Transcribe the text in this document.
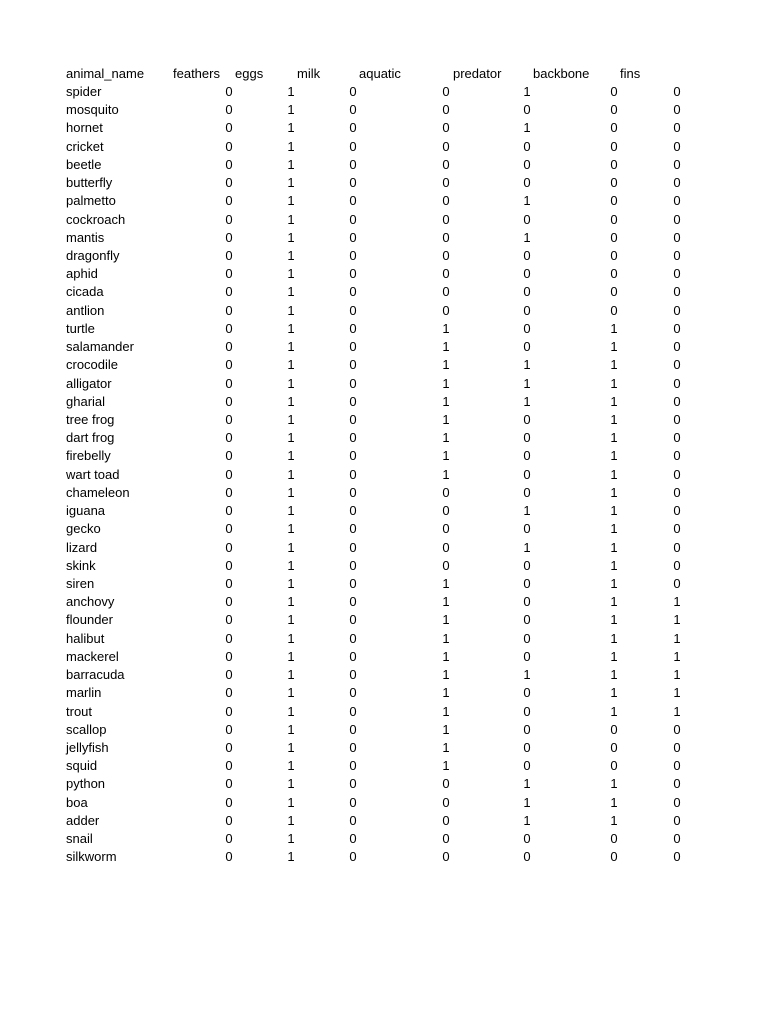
animal_name feathers eggs	milk	aquatic	predator backbone fins
spider	0	1	0	0	1	0	0
mosquito	0	1	0	0	0	0	0
hornet	0	1	0	0	1	0	0
cricket	0	1	0	0	0	0	0
beetle	0	1	0	0	0	0	0
butterfly	0	1	0	0	0	0	0
palmetto	0	1	0	0	1	0	0
cockroach	0	1	0	0	0	0	0
mantis	0	1	0	0	1	0	0
dragonfly	0	1	0	0	0	0	0
aphid	0	1	0	0	0	0	0
cicada	0	1	0	0	0	0	0
antlion	0	1	0	0	0	0	0
turtle	0	1	0	1	0	1	0
salamander	0	1	0	1	0	1	0
crocodile	0	1	0	1	1	1	0
alligator	0	1	0	1	1	1	0
gharial	0	1	0	1	1	1	0
tree frog	0	1	0	1	0	1	0
dart frog	0	1	0	1	0	1	0
firebelly	0	1	0	1	0	1	0
wart toad	0	1	0	1	0	1	0
chameleon	0	1	0	0	0	1	0
iguana	0	1	0	0	1	1	0
gecko	0	1	0	0	0	1	0
lizard	0	1	0	0	1	1	0
skink	0	1	0	0	0	1	0
siren	0	1	0	1	0	1	0
anchovy	0	1	0	1	0	1	1
flounder	0	1	0	1	0	1	1
halibut	0	1	0	1	0	1	1
mackerel	0	1	0	1	0	1	1
barracuda	0	1	0	1	1	1	1
marlin	0	1	0	1	0	1	1
trout	0	1	0	1	0	1	1
scallop	0	1	0	1	0	0	0
jellyfish	0	1	0	1	0	0	0
squid	0	1	0	1	0	0	0
python	0	1	0	0	1	1	0
boa	0	1	0	0	1	1	0
adder	0	1	0	0	1	1	0
snail	0	1	0	0	0	0	0
silkworm	0	1	0	0	0	0	0
